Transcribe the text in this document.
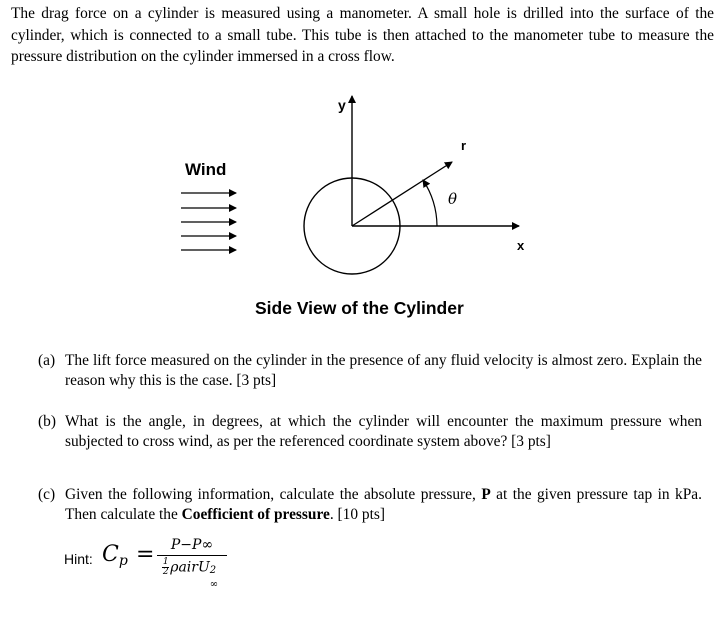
The drag force on a cylinder is measured using a manometer. A small hole is drilled into the surface of the cylinder, which is connected to a small tube. This tube is then attached to the manometer tube to measure the pressure distribution on the cylinder immersed in a cross flow.
Wind
y
r
θ
x
Side View of the Cylinder
(a) The lift force measured on the cylinder in the presence of any fluid velocity is almost zero. Explain the reason why this is the case. [3 pts]
(b) What is the angle, in degrees, at which the cylinder will encounter the maximum pressure when subjected to cross wind, as per the referenced coordinate system above? [3 pts]
(c) Given the following information, calculate the absolute pressure, P at the given pressure tap in kPa. Then calculate the Coefficient of pressure. [10 pts]
Hint: $C_p$ =	P−P∞
$\frac{1}{2}$ ρairU 2
∞
